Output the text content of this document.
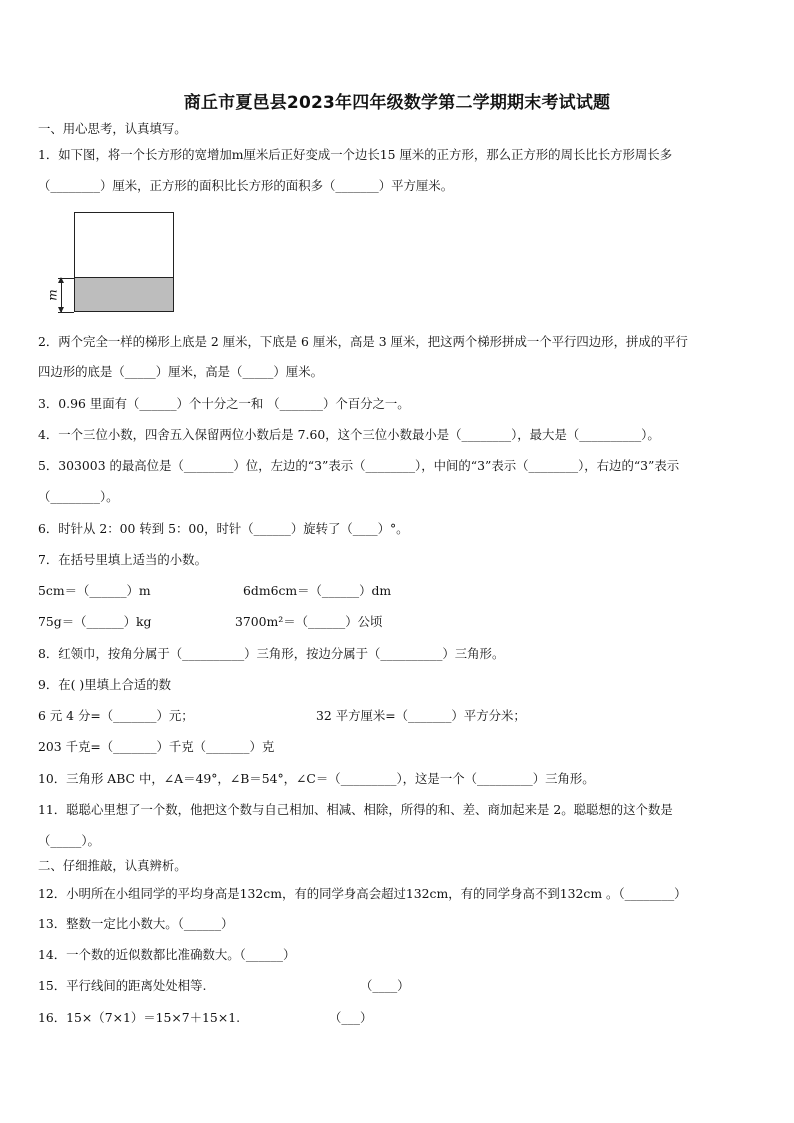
商丘市夏邑县2023年四年级数学第二学期期末考试试题
一、用心思考，认真填写。
1．如下图，将一个长方形的宽增加m厘米后正好变成一个边长15 厘米的正方形，那么正方形的周长比长方形周长多
（________）厘米，正方形的面积比长方形的面积多（_______）平方厘米。
m
2．两个完全一样的梯形上底是 2 厘米，下底是 6 厘米，高是 3 厘米，把这两个梯形拼成一个平行四边形，拼成的平行
四边形的底是（_____）厘米，高是（_____）厘米。
3．0.96 里面有（______）个十分之一和 （_______）个百分之一。
4．一个三位小数，四舍五入保留两位小数后是 7.60，这个三位小数最小是（________），最大是（__________）。
5．303003 的最高位是（________）位，左边的“3”表示（________），中间的“3”表示（________），右边的“3”表示
（________）。
6．时针从 2：00 转到 5：00，时针（______）旋转了（____）°。
7．在括号里填上适当的小数。
5cm＝（______）m	6dm6cm＝（______）dm
75g＝（______）kg	3700m²＝（______）公顷
8．红领巾，按角分属于（__________）三角形，按边分属于（__________）三角形。
9．在( )里填上合适的数
6 元 4 分=（_______）元；	32 平方厘米=（_______）平方分米；
203 千克=（_______）千克（_______）克
10．三角形 ABC 中，∠A＝49°，∠B＝54°，∠C＝（_________），这是一个（_________）三角形。
11．聪聪心里想了一个数，他把这个数与自己相加、相减、相除，所得的和、差、商加起来是 2。聪聪想的这个数是
（_____）。
二、仔细推敲，认真辨析。
12．小明所在小组同学的平均身高是132cm，有的同学身高会超过132cm，有的同学身高不到132cm 。（________）
13．整数一定比小数大。（______）
14．一个数的近似数都比准确数大。（______）
15．平行线间的距离处处相等.	（____）
16．15×（7×1）＝15×7＋15×1.	（___）
